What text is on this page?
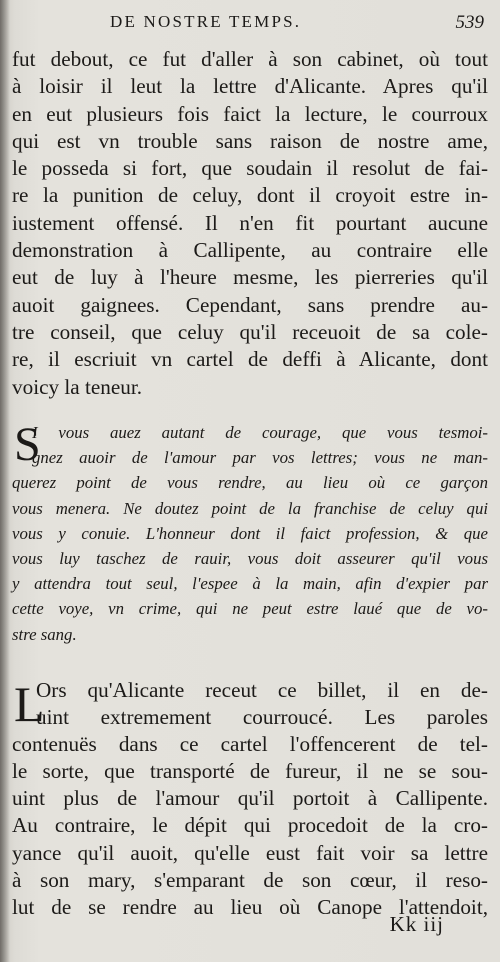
DE NOSTRE TEMPS.	539
fut debout, ce fut d'aller à son cabinet, où tout
à loisir il leut la lettre d'Alicante. Apres qu'il
en eut plusieurs fois faict la lecture, le courroux
qui est vn trouble sans raison de nostre ame,
le posseda si fort, que soudain il resolut de fai-
re la punition de celuy, dont il croyoit estre in-
iustement offensé. Il n'en fit pourtant aucune
demonstration à Callipente, au contraire elle
eut de luy à l'heure mesme, les pierreries qu'il
auoit gaignees. Cependant, sans prendre au-
tre conseil, que celuy qu'il receuoit de sa cole-
re, il escriuit vn cartel de deffi à Alicante, dont
voicy la teneur.
S
I vous auez autant de courage, que vous tesmoi-
gnez auoir de l'amour par vos lettres; vous ne man-
querez point de vous rendre, au lieu où ce garçon
vous menera. Ne doutez point de la franchise de celuy qui
vous y conuie. L'honneur dont il faict profession, & que
vous luy taschez de rauir, vous doit asseurer qu'il vous
y attendra tout seul, l'espee à la main, afin d'expier par
cette voye, vn crime, qui ne peut estre laué que de vo-
stre sang.
L
Ors qu'Alicante receut ce billet, il en de-
uint extremement courroucé. Les paroles
contenuës dans ce cartel l'offencerent de tel-
le sorte, que transporté de fureur, il ne se sou-
uint plus de l'amour qu'il portoit à Callipente.
Au contraire, le dépit qui procedoit de la cro-
yance qu'il auoit, qu'elle eust fait voir sa lettre
à son mary, s'emparant de son cœur, il reso-
lut de se rendre au lieu où Canope l'attendoit,
Kk iij
